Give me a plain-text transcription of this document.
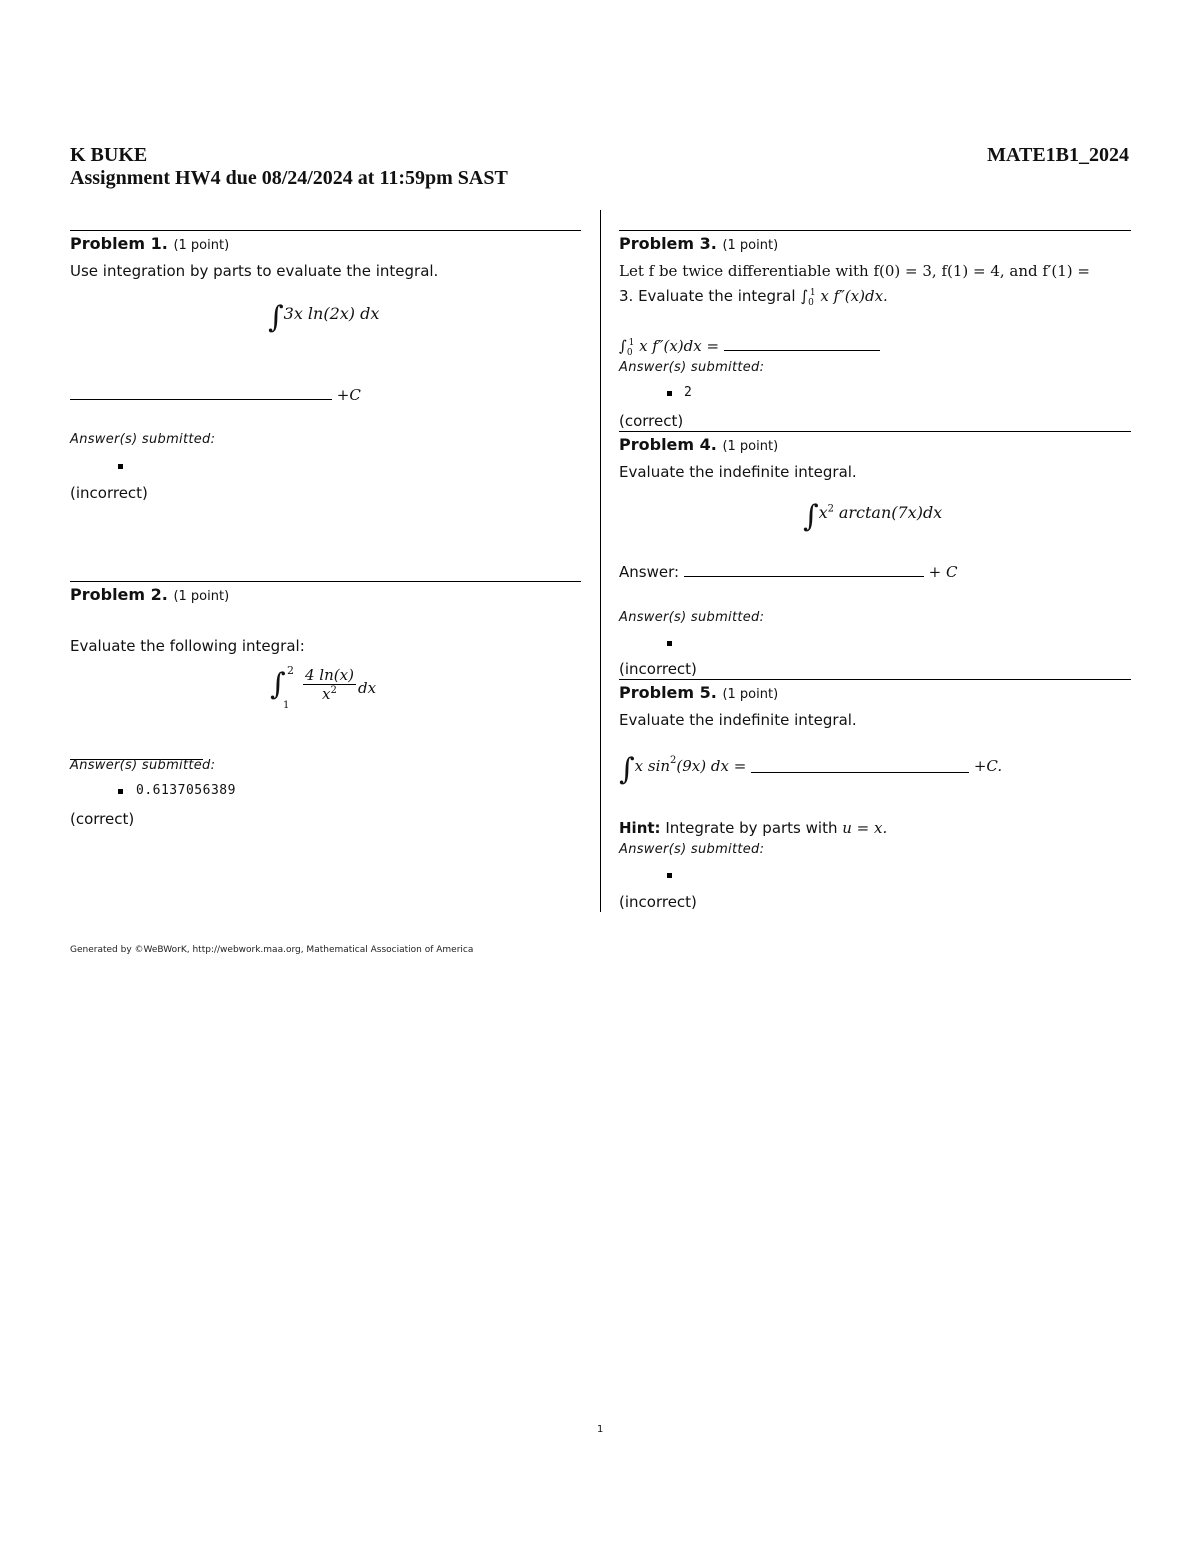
K BUKE	MATE1B1_2024
Assignment HW4 due 08/24/2024 at 11:59pm SAST
Problem 1. (1 point)
Use integration by parts to evaluate the integral.
∫3x ln(2x) dx
+C
Answer(s) submitted:
(incorrect)
Problem 2. (1 point)
Evaluate the following integral:
∫ 2
1
$\frac{4 \ln(x)}{x^2}$ dx
Answer(s) submitted:
0.6137056389
(correct)
Problem 3. (1 point)
Let f be twice differentiable with f(0) = 3, f(1) = 4, and f′(1) =
3. Evaluate the integral $\int_0^1$ x f″(x)dx.
$\int_0^1$ x f″(x)dx =
Answer(s) submitted:
2
(correct)
Problem 4. (1 point)
Evaluate the indefinite integral.
$\int x^2$ arctan(7x)dx
Answer:	+ C
Answer(s) submitted:
(incorrect)
Problem 5. (1 point)
Evaluate the indefinite integral.
∫x $\sin^2(9x)$ dx =	+C.
Hint: Integrate by parts with u = x.
Answer(s) submitted:
(incorrect)
Generated by ©WeBWorK, http://webwork.maa.org, Mathematical Association of America
1
